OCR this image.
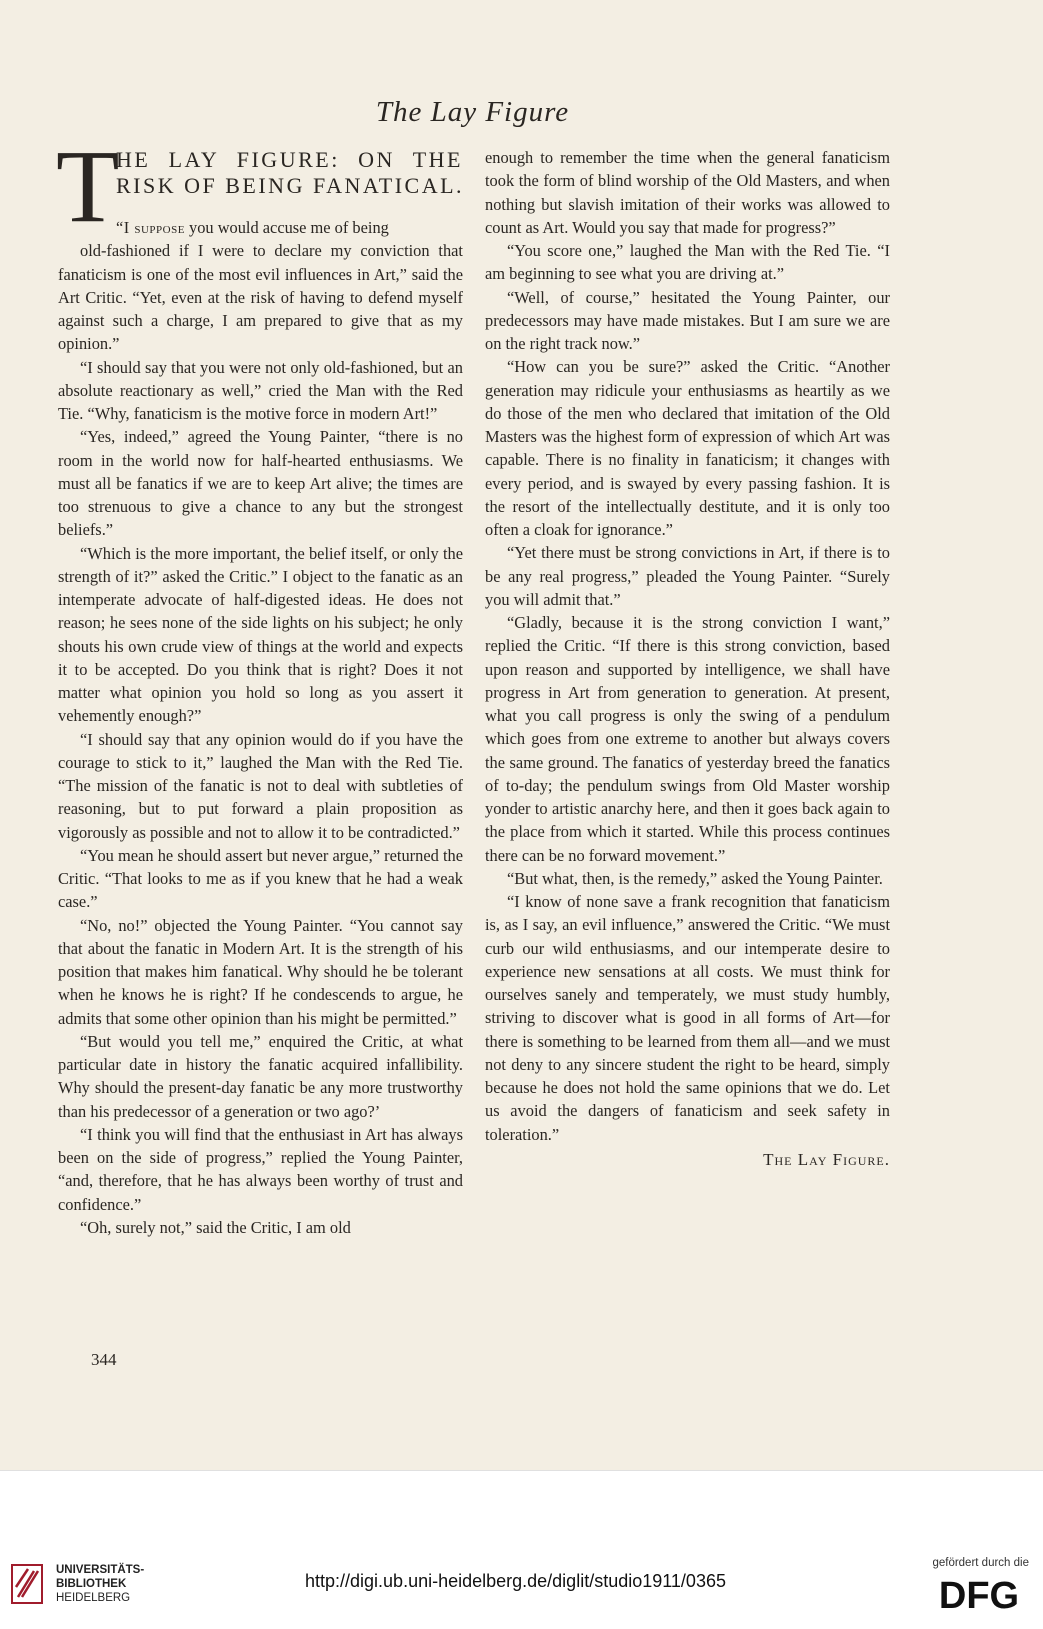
The Lay Figure
T
HE LAY FIGURE: ON THE
RISK OF BEING FANATICAL.

“I suppose you would accuse me of being

old-fashioned if I were to declare my conviction that fanaticism is one of the most evil influences in Art,” said the Art Critic. “Yet, even at the risk of having to defend myself against such a charge, I am prepared to give that as my opinion.”

“I should say that you were not only old-fashioned, but an absolute reactionary as well,” cried the Man with the Red Tie. “Why, fanaticism is the motive force in modern Art!”

“Yes, indeed,” agreed the Young Painter, “there is no room in the world now for half-hearted enthusiasms. We must all be fanatics if we are to keep Art alive; the times are too strenuous to give a chance to any but the strongest beliefs.”

“Which is the more important, the belief itself, or only the strength of it?” asked the Critic.” I object to the fanatic as an intemperate advocate of half-digested ideas. He does not reason; he sees none of the side lights on his subject; he only shouts his own crude view of things at the world and expects it to be accepted. Do you think that is right? Does it not matter what opinion you hold so long as you assert it vehemently enough?”

“I should say that any opinion would do if you have the courage to stick to it,” laughed the Man with the Red Tie. “The mission of the fanatic is not to deal with subtleties of reasoning, but to put forward a plain proposition as vigorously as possible and not to allow it to be contradicted.”

“You mean he should assert but never argue,” returned the Critic. “That looks to me as if you knew that he had a weak case.”

“No, no!” objected the Young Painter. “You cannot say that about the fanatic in Modern Art. It is the strength of his position that makes him fanatical. Why should he be tolerant when he knows he is right? If he condescends to argue, he admits that some other opinion than his might be permitted.”

“But would you tell me,” enquired the Critic, at what particular date in history the fanatic acquired infallibility. Why should the present-day fanatic be any more trustworthy than his predecessor of a generation or two ago?’

“I think you will find that the enthusiast in Art has always been on the side of progress,” replied the Young Painter, “and, therefore, that he has always been worthy of trust and confidence.”

“Oh, surely not,” said the Critic, I am old

enough to remember the time when the general fanaticism took the form of blind worship of the Old Masters, and when nothing but slavish imitation of their works was allowed to count as Art. Would you say that made for progress?”

“You score one,” laughed the Man with the Red Tie. “I am beginning to see what you are driving at.”

“Well, of course,” hesitated the Young Painter, our predecessors may have made mistakes. But I am sure we are on the right track now.”

“How can you be sure?” asked the Critic. “Another generation may ridicule your enthusiasms as heartily as we do those of the men who declared that imitation of the Old Masters was the highest form of expression of which Art was capable. There is no finality in fanaticism; it changes with every period, and is swayed by every passing fashion. It is the resort of the intellectually destitute, and it is only too often a cloak for ignorance.”

“Yet there must be strong convictions in Art, if there is to be any real progress,” pleaded the Young Painter. “Surely you will admit that.”

“Gladly, because it is the strong conviction I want,” replied the Critic. “If there is this strong conviction, based upon reason and supported by intelligence, we shall have progress in Art from generation to generation. At present, what you call progress is only the swing of a pendulum which goes from one extreme to another but always covers the same ground. The fanatics of yesterday breed the fanatics of to-day; the pendulum swings from Old Master worship yonder to artistic anarchy here, and then it goes back again to the place from which it started. While this process continues there can be no forward movement.”

“But what, then, is the remedy,” asked the Young Painter.

“I know of none save a frank recognition that fanaticism is, as I say, an evil influence,” answered the Critic. “We must curb our wild enthusiasms, and our intemperate desire to experience new sensations at all costs. We must think for ourselves sanely and temperately, we must study humbly, striving to discover what is good in all forms of Art—for there is something to be learned from them all—and we must not deny to any sincere student the right to be heard, simply because he does not hold the same opinions that we do. Let us avoid the dangers of fanaticism and seek safety in toleration.”

The Lay Figure.
344
UNIVERSITÄTS-
BIBLIOTHEK
HEIDELBERG
http://digi.ub.uni-heidelberg.de/diglit/studio1911/0365
gefördert durch die
DFG
